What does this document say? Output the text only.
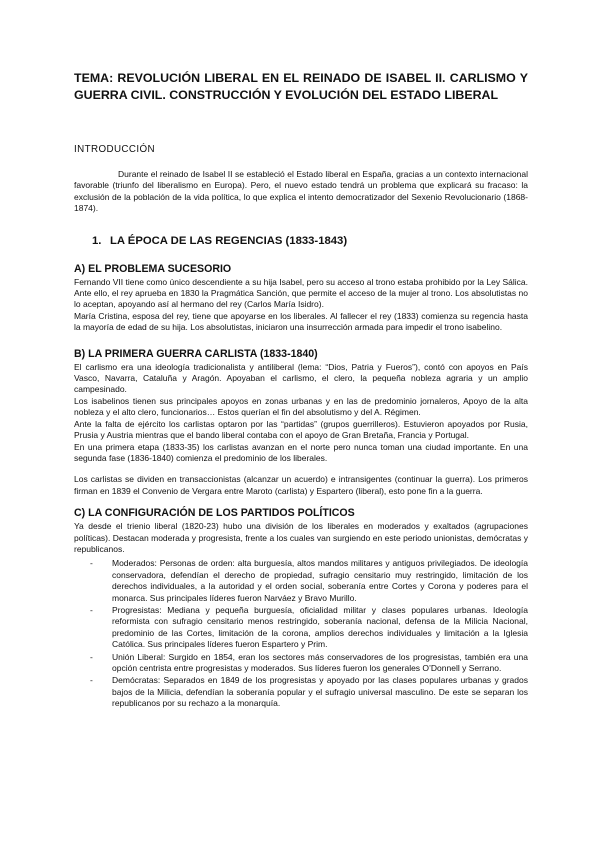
TEMA: REVOLUCIÓN LIBERAL EN EL REINADO DE ISABEL II. CARLISMO Y GUERRA CIVIL. CONSTRUCCIÓN Y EVOLUCIÓN DEL ESTADO LIBERAL
INTRODUCCIÓN

Durante el reinado de Isabel II se estableció el Estado liberal en España, gracias a un contexto internacional favorable (triunfo del liberalismo en Europa). Pero, el nuevo estado tendrá un problema que explicará su fracaso: la exclusión de la población de la vida política, lo que explica el intento democratizador del Sexenio Revolucionario (1868-1874).

1. LA ÉPOCA DE LAS REGENCIAS (1833-1843)
A) EL PROBLEMA SUCESORIO

Fernando VII tiene como único descendiente a su hija Isabel, pero su acceso al trono estaba prohibido por la Ley Sálica. Ante ello, el rey aprueba en 1830 la Pragmática Sanción, que permite el acceso de la mujer al trono. Los absolutistas no lo aceptan, apoyando así al hermano del rey (Carlos María Isidro).

María Cristina, esposa del rey, tiene que apoyarse en los liberales. Al fallecer el rey (1833) comienza su regencia hasta la mayoría de edad de su hija. Los absolutistas, iniciaron una insurrección armada para impedir el trono isabelino.

B) LA PRIMERA GUERRA CARLISTA (1833-1840)

El carlismo era una ideología tradicionalista y antiliberal (lema: “Dios, Patria y Fueros”), contó con apoyos en País Vasco, Navarra, Cataluña y Aragón. Apoyaban el carlismo, el clero, la pequeña nobleza agraria y un amplio campesinado.

Los isabelinos tienen sus principales apoyos en zonas urbanas y en las de predominio jornaleros, Apoyo de la alta nobleza y el alto clero, funcionarios… Estos querían el fin del absolutismo y del A. Régimen.

Ante la falta de ejército los carlistas optaron por las “partidas” (grupos guerrilleros). Estuvieron apoyados por Rusia, Prusia y Austria mientras que el bando liberal contaba con el apoyo de Gran Bretaña, Francia y Portugal.

En una primera etapa (1833-35) los carlistas avanzan en el norte pero nunca toman una ciudad importante. En una segunda fase (1836-1840) comienza el predominio de los liberales.

Los carlistas se dividen en transaccionistas (alcanzar un acuerdo) e intransigentes (continuar la guerra). Los primeros firman en 1839 el Convenio de Vergara entre Maroto (carlista) y Espartero (liberal), esto pone fin a la guerra.

C) LA CONFIGURACIÓN DE LOS PARTIDOS POLÍTICOS

Ya desde el trienio liberal (1820-23) hubo una división de los liberales en moderados y exaltados (agrupaciones políticas). Destacan moderada y progresista, frente a los cuales van surgiendo en este periodo unionistas, demócratas y republicanos.

- Moderados: Personas de orden: alta burguesía, altos mandos militares y antiguos privilegiados. De ideología conservadora, defendían el derecho de propiedad, sufragio censitario muy restringido, limitación de los derechos individuales, a la autoridad y el orden social, soberanía entre Cortes y Corona y poderes para el monarca. Sus principales líderes fueron Narváez y Bravo Murillo.
- Progresistas: Mediana y pequeña burguesía, oficialidad militar y clases populares urbanas. Ideología reformista con sufragio censitario menos restringido, soberanía nacional, defensa de la Milicia Nacional, predominio de las Cortes, limitación de la corona, amplios derechos individuales y limitación a la Iglesia Católica. Sus principales líderes fueron Espartero y Prim.
- Unión Liberal: Surgido en 1854, eran los sectores más conservadores de los progresistas, también era una opción centrista entre progresistas y moderados. Sus líderes fueron los generales O’Donnell y Serrano.
- Demócratas: Separados en 1849 de los progresistas y apoyado por las clases populares urbanas y grados bajos de la Milicia, defendían la soberanía popular y el sufragio universal masculino. De este se separan los republicanos por su rechazo a la monarquía.
